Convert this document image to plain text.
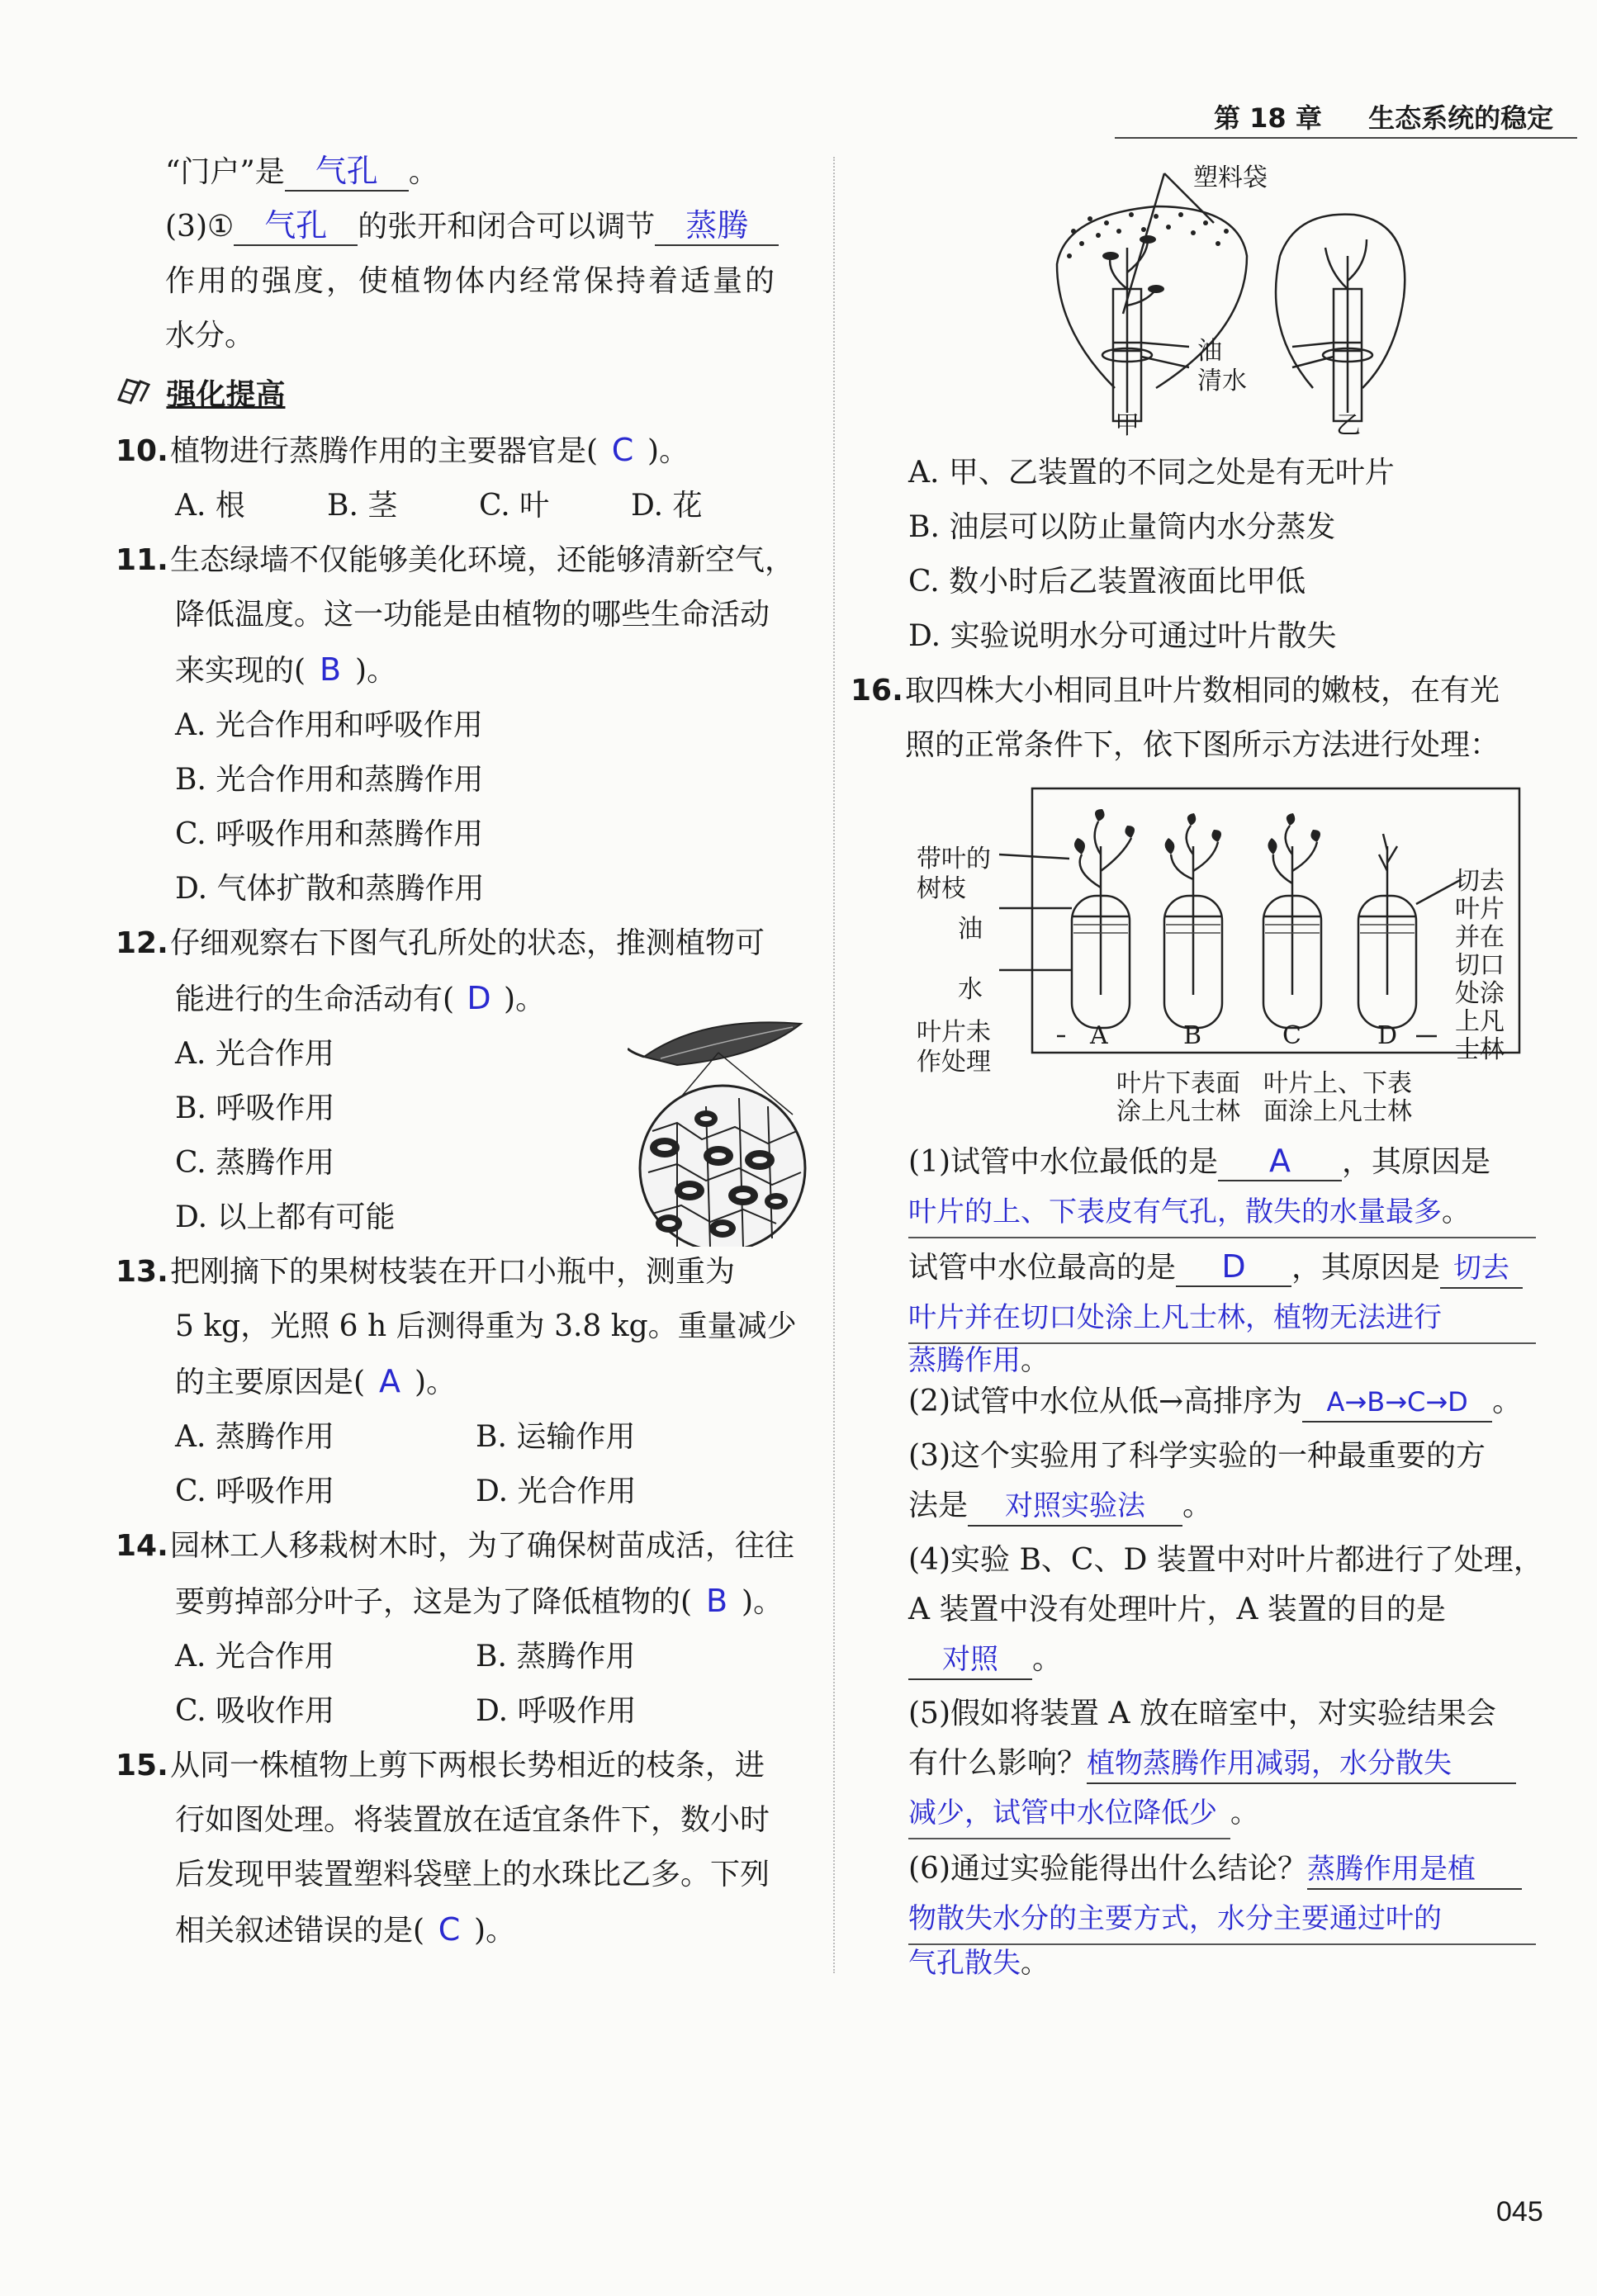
第 18 章 生态系统的稳定
“门户”是 气孔 。
(3)① 气孔 的张开和闭合可以调节 蒸腾
作用的强度，使植物体内经常保持着适量的
水分。
强化提高
10.植物进行蒸腾作用的主要器官是( C )。
A. 根	B. 茎	C. 叶	D. 花
11.生态绿墙不仅能够美化环境，还能够清新空气，
降低温度。这一功能是由植物的哪些生命活动
来实现的( B )。
A. 光合作用和呼吸作用
B. 光合作用和蒸腾作用
C. 呼吸作用和蒸腾作用
D. 气体扩散和蒸腾作用
12.仔细观察右下图气孔所处的状态，推测植物可
能进行的生命活动有( D )。
A. 光合作用
B. 呼吸作用
C. 蒸腾作用
D. 以上都有可能
13.把刚摘下的果树枝装在开口小瓶中，测重为
5 kg，光照 6 h 后测得重为 3.8 kg。重量减少
的主要原因是( A )。
A. 蒸腾作用	B. 运输作用
C. 呼吸作用	D. 光合作用
14.园林工人移栽树木时，为了确保树苗成活，往往
要剪掉部分叶子，这是为了降低植物的( B )。
A. 光合作用	B. 蒸腾作用
C. 吸收作用	D. 呼吸作用
15.从同一株植物上剪下两根长势相近的枝条，进
行如图处理。将装置放在适宜条件下，数小时
后发现甲装置塑料袋壁上的水珠比乙多。下列
相关叙述错误的是( C )。
塑料袋
油
清水
甲	乙
A. 甲、乙装置的不同之处是有无叶片
B. 油层可以防止量筒内水分蒸发
C. 数小时后乙装置液面比甲低
D. 实验说明水分可通过叶片散失
16.取四株大小相同且叶片数相同的嫩枝，在有光
照的正常条件下，依下图所示方法进行处理：
带叶的
树枝
油
水
叶片未
作处理
A	B	C	D
叶片下表面
涂上凡士林
叶片上、下表
面涂上凡士林
切去
叶片
并在
切口
处涂
上凡
士林
(1)试管中水位最低的是 A ，其原因是
叶片的上、下表皮有气孔，散失的水量最多。
试管中水位最高的是 D ，其原因是 切去
叶片并在切口处涂上凡士林，植物无法进行
蒸腾作用。
(2)试管中水位从低→高排序为 A→B→C→D 。
(3)这个实验用了科学实验的一种最重要的方
法是 对照实验法 。
(4)实验 B、C、D 装置中对叶片都进行了处理，
A 装置中没有处理叶片，A 装置的目的是
对照 。
(5)假如将装置 A 放在暗室中，对实验结果会
有什么影响？植物蒸腾作用减弱，水分散失
减少，试管中水位降低少 。
(6)通过实验能得出什么结论？蒸腾作用是植
物散失水分的主要方式，水分主要通过叶的
气孔散失。
045
